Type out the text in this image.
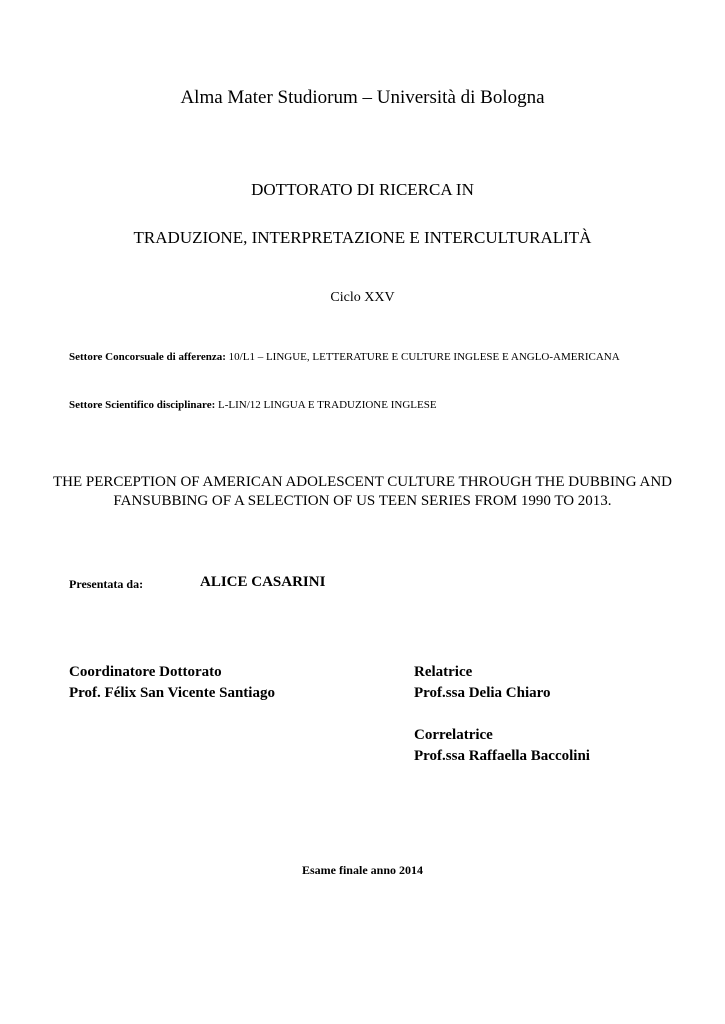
Alma Mater Studiorum – Università di Bologna
DOTTORATO DI RICERCA IN
TRADUZIONE, INTERPRETAZIONE E INTERCULTURALITÀ
Ciclo XXV
Settore Concorsuale di afferenza: 10/L1 – LINGUE, LETTERATURE E CULTURE INGLESE E ANGLO-AMERICANA
Settore Scientifico disciplinare: L-LIN/12 LINGUA E TRADUZIONE INGLESE
THE PERCEPTION OF AMERICAN ADOLESCENT CULTURE THROUGH THE DUBBING AND FANSUBBING OF A SELECTION OF US TEEN SERIES FROM 1990 TO 2013.
Presentata da:	ALICE CASARINI
Coordinatore Dottorato
Prof. Félix San Vicente Santiago
Relatrice
Prof.ssa Delia Chiaro
Correlatrice
Prof.ssa Raffaella Baccolini
Esame finale anno 2014
